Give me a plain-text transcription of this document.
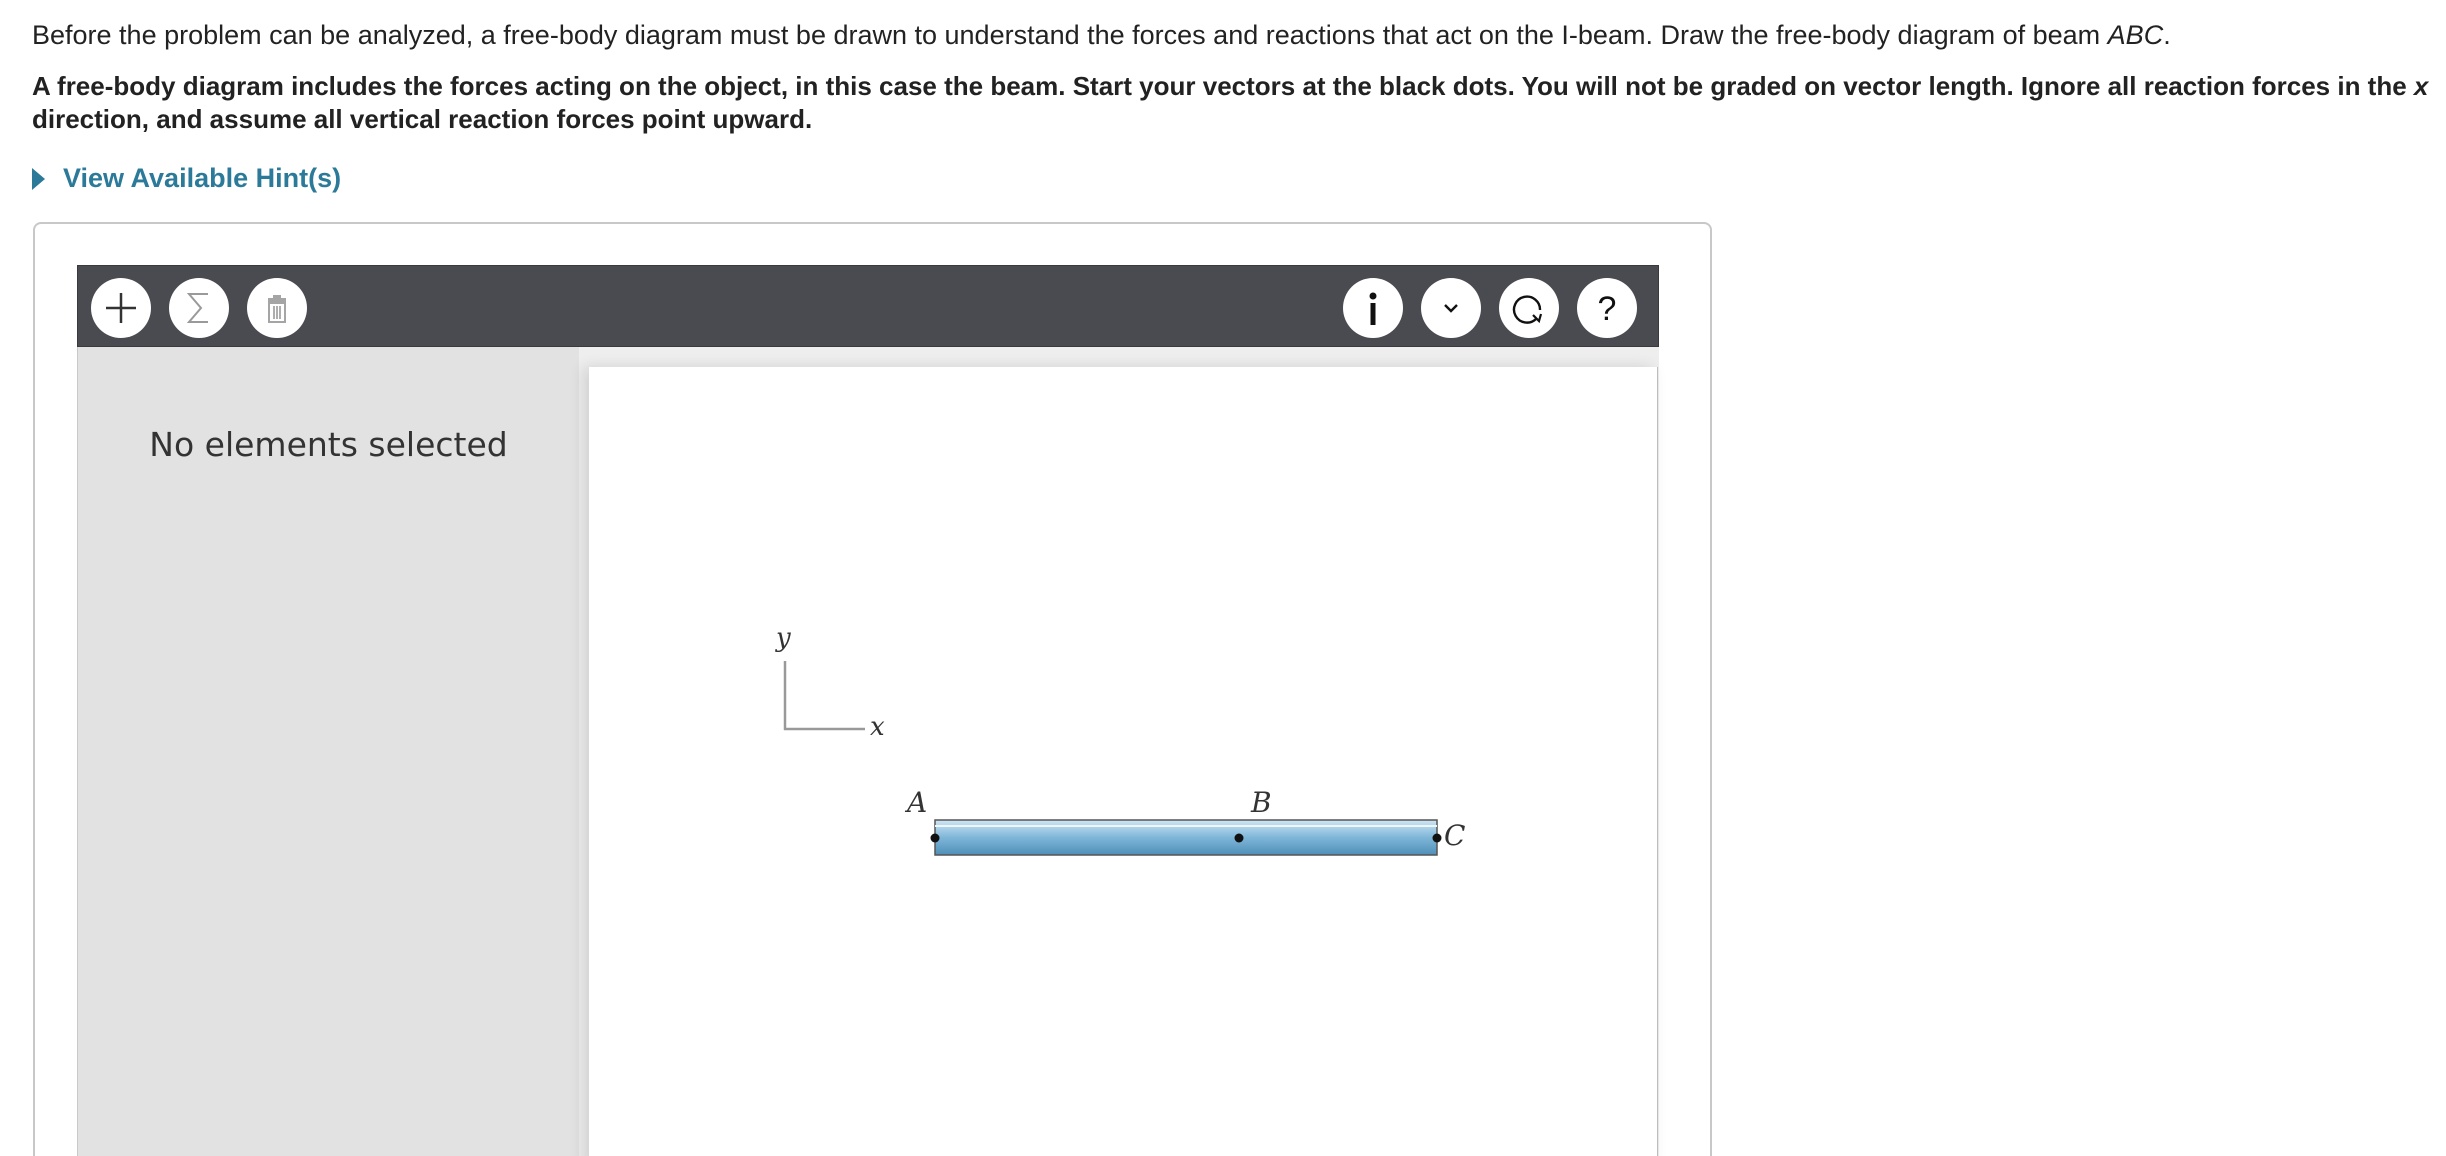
Before the problem can be analyzed, a free-body diagram must be drawn to understand the forces and reactions that act on the I-beam. Draw the free-body diagram of beam ABC.
A free-body diagram includes the forces acting on the object, in this case the beam. Start your vectors at the black dots. You will not be graded on vector length. Ignore all reaction forces in the x direction, and assume all vertical reaction forces point upward.
View Available Hint(s)
?
No elements selected
y
x
A	B
C
